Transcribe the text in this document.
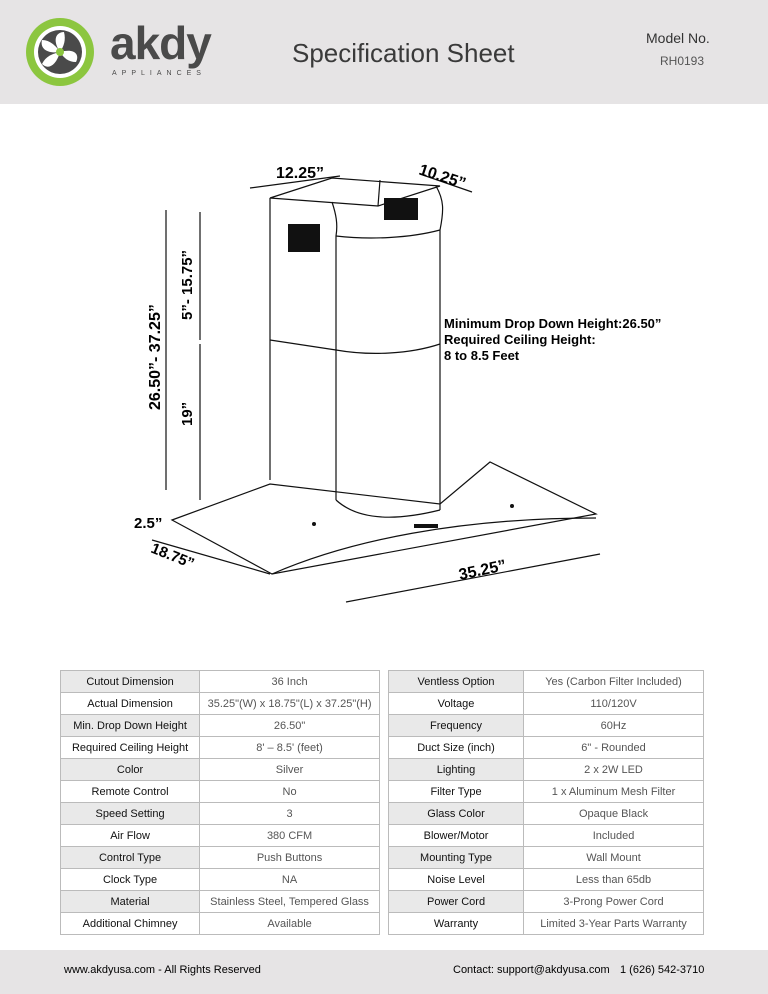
akdy
APPLIANCES
Specification Sheet	Model No.
RH0193
12.25”	10.25”
26.50”- 37.25”
5”- 15.75”
19”
2.5”
18.75”	35.25”
Minimum Drop Down Height:26.50”
Required Ceiling Height:
8 to 8.5 Feet
Cutout Dimension	36 Inch
Actual Dimension	35.25"(W) x 18.75"(L) x 37.25"(H)
Min. Drop Down Height	26.50"
Required Ceiling Height	8' – 8.5' (feet)
Color	Silver
Remote Control	No
Speed Setting	3
Air Flow	380 CFM
Control Type	Push Buttons
Clock Type	NA
Material	Stainless Steel, Tempered Glass
Additional Chimney	Available
Ventless Option	Yes (Carbon Filter Included)
Voltage	110/120V
Frequency	60Hz
Duct Size (inch)	6" - Rounded
Lighting	2 x 2W LED
Filter Type	1 x Aluminum Mesh Filter
Glass Color	Opaque Black
Blower/Motor	Included
Mounting Type	Wall Mount
Noise Level	Less than 65db
Power Cord	3-Prong Power Cord
Warranty	Limited 3-Year Parts Warranty
www.akdyusa.com - All Rights Reserved	Contact: support@akdyusa.com 1 (626) 542-3710
